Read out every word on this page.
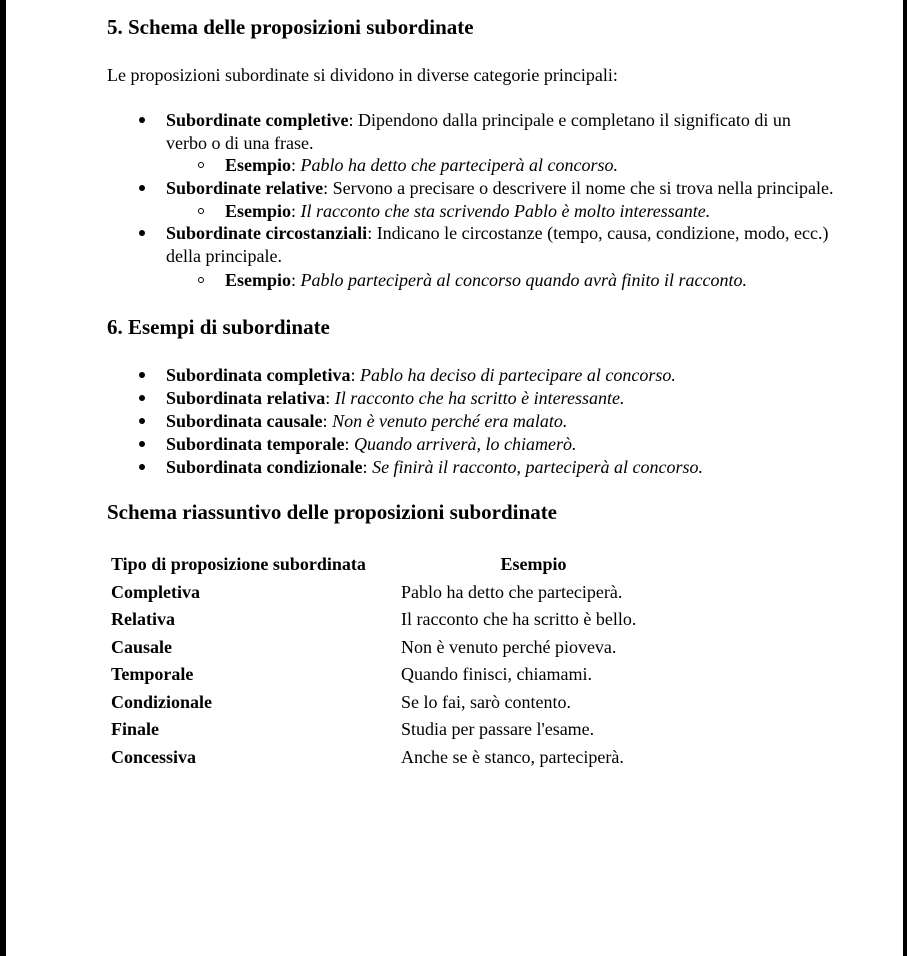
5. Schema delle proposizioni subordinate

Le proposizioni subordinate si dividono in diverse categorie principali:

Subordinate completive: Dipendono dalla principale e completano il significato di un
verbo o di una frase.
Esempio: Pablo ha detto che parteciperà al concorso.
Subordinate relative: Servono a precisare o descrivere il nome che si trova nella principale.
Esempio: Il racconto che sta scrivendo Pablo è molto interessante.
Subordinate circostanziali: Indicano le circostanze (tempo, causa, condizione, modo, ecc.)
della principale.
Esempio: Pablo parteciperà al concorso quando avrà finito il racconto.
6. Esempi di subordinate
Subordinata completiva: Pablo ha deciso di partecipare al concorso.
Subordinata relativa: Il racconto che ha scritto è interessante.
Subordinata causale: Non è venuto perché era malato.
Subordinata temporale: Quando arriverà, lo chiamerò.
Subordinata condizionale: Se finirà il racconto, parteciperà al concorso.
Schema riassuntivo delle proposizioni subordinate
Tipo di proposizione subordinata	Esempio
Completiva	Pablo ha detto che parteciperà.
Relativa	Il racconto che ha scritto è bello.
Causale	Non è venuto perché pioveva.
Temporale	Quando finisci, chiamami.
Condizionale	Se lo fai, sarò contento.
Finale	Studia per passare l'esame.
Concessiva	Anche se è stanco, parteciperà.
